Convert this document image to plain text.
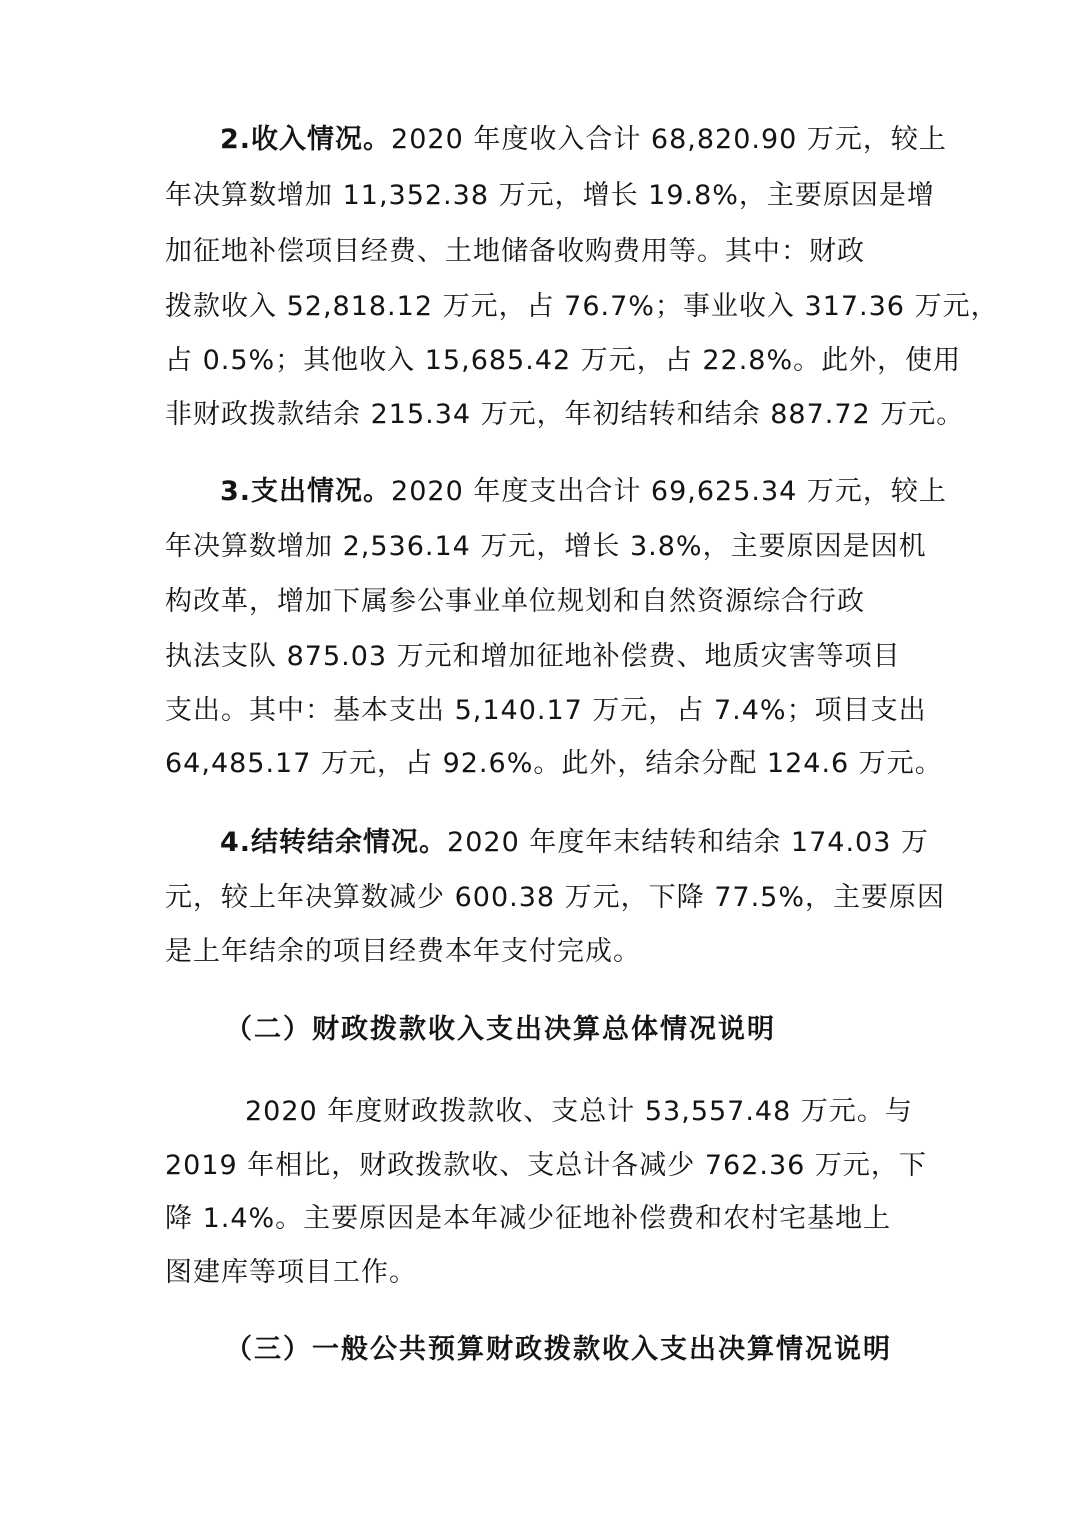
2.收入情况。2020 年度收入合计 68,820.90 万元，较上
年决算数增加 11,352.38 万元，增长 19.8%，主要原因是增
加征地补偿项目经费、土地储备收购费用等。其中：财政
拨款收入 52,818.12 万元，占 76.7%；事业收入 317.36 万元，
占 0.5%；其他收入 15,685.42 万元，占 22.8%。此外，使用
非财政拨款结余 215.34 万元，年初结转和结余 887.72 万元。
3.支出情况。2020 年度支出合计 69,625.34 万元，较上
年决算数增加 2,536.14 万元，增长 3.8%，主要原因是因机
构改革，增加下属参公事业单位规划和自然资源综合行政
执法支队 875.03 万元和增加征地补偿费、地质灾害等项目
支出。其中：基本支出 5,140.17 万元，占 7.4%；项目支出
64,485.17 万元，占 92.6%。此外，结余分配 124.6 万元。
4.结转结余情况。2020 年度年末结转和结余 174.03 万
元，较上年决算数减少 600.38 万元，下降 77.5%，主要原因
是上年结余的项目经费本年支付完成。
（二）财政拨款收入支出决算总体情况说明
2020 年度财政拨款收、支总计 53,557.48 万元。与
2019 年相比，财政拨款收、支总计各减少 762.36 万元，下
降 1.4%。主要原因是本年减少征地补偿费和农村宅基地上
图建库等项目工作。
（三）一般公共预算财政拨款收入支出决算情况说明
